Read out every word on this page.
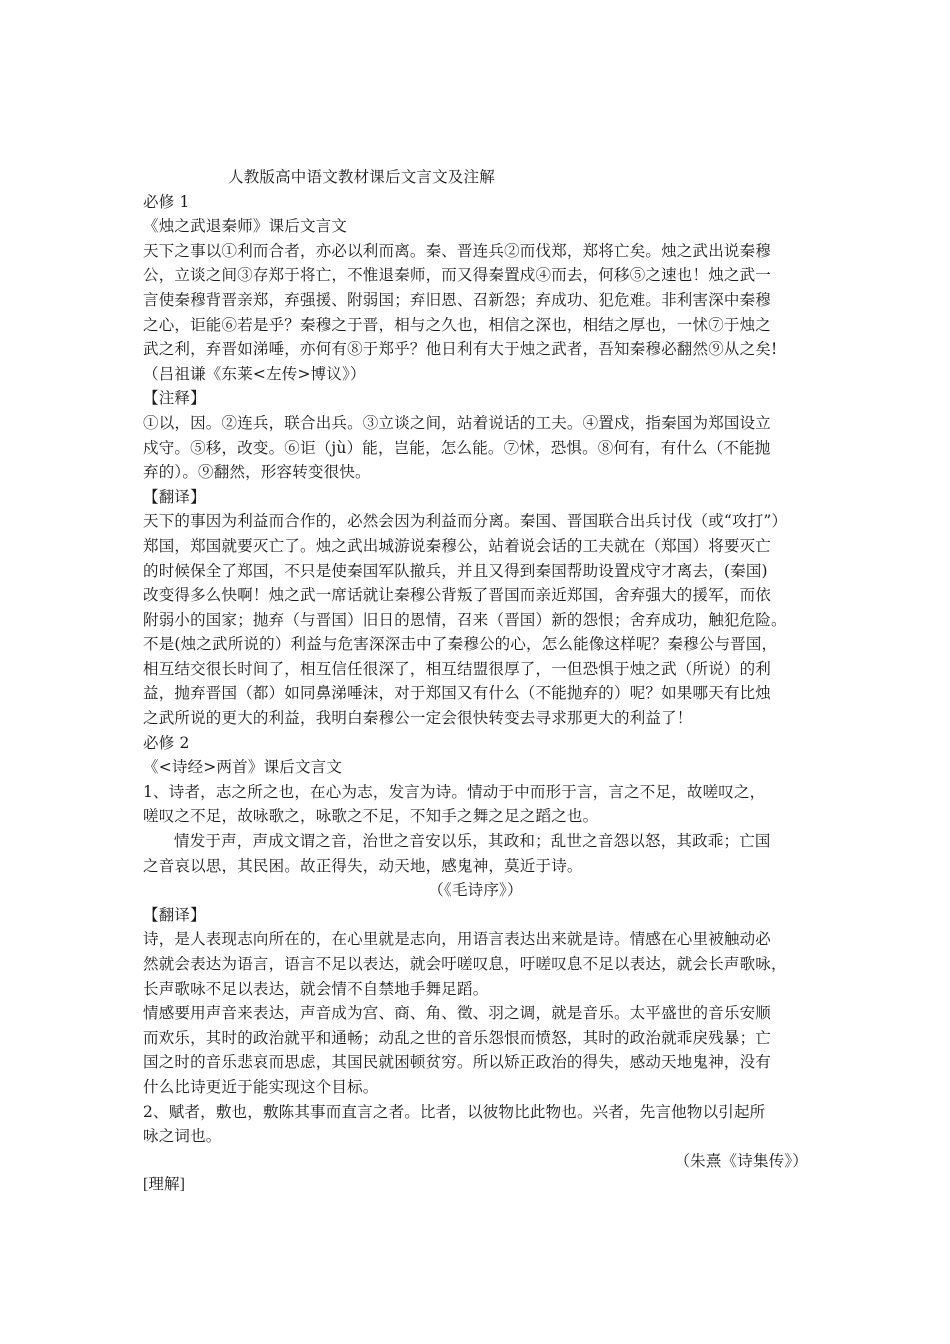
人教版高中语文教材课后文言文及注解
必修 1
《烛之武退秦师》课后文言文
天下之事以①利而合者，亦必以利而离。秦、晋连兵②而伐郑，郑将亡矣。烛之武出说秦穆
公，立谈之间③存郑于将亡，不惟退秦师，而又得秦置戍④而去，何移⑤之速也！烛之武一
言使秦穆背晋亲郑，弃强援、附弱国；弃旧恩、召新怨；弃成功、犯危难。非利害深中秦穆
之心，讵能⑥若是乎？秦穆之于晋，相与之久也，相信之深也，相结之厚也，一怵⑦于烛之
武之利，弃晋如涕唾，亦何有⑧于郑乎？他日利有大于烛之武者，吾知秦穆必翻然⑨从之矣!
（吕祖谦《东莱<左传>博议》）
【注释】
①以，因。②连兵，联合出兵。③立谈之间，站着说话的工夫。④置戍，指秦国为郑国设立
戍守。⑤移，改变。⑥讵（jù）能，岂能，怎么能。⑦怵，恐惧。⑧何有，有什么（不能抛
弃的）。⑨翻然，形容转变很快。
【翻译】
天下的事因为利益而合作的，必然会因为利益而分离。秦国、晋国联合出兵讨伐（或“攻打”）
郑国，郑国就要灭亡了。烛之武出城游说秦穆公，站着说会话的工夫就在（郑国）将要灭亡
的时候保全了郑国，不只是使秦国军队撤兵，并且又得到秦国帮助设置戍守才离去，(秦国)
改变得多么快啊！烛之武一席话就让秦穆公背叛了晋国而亲近郑国，舍弃强大的援军，而依
附弱小的国家；抛弃（与晋国）旧日的恩情，召来（晋国）新的怨恨；舍弃成功，触犯危险。
不是(烛之武所说的）利益与危害深深击中了秦穆公的心，怎么能像这样呢？秦穆公与晋国，
相互结交很长时间了，相互信任很深了，相互结盟很厚了，一但恐惧于烛之武（所说）的利
益，抛弃晋国（都）如同鼻涕唾沫，对于郑国又有什么（不能抛弃的）呢？如果哪天有比烛
之武所说的更大的利益，我明白秦穆公一定会很快转变去寻求那更大的利益了！
必修 2
《<诗经>两首》课后文言文
1、诗者，志之所之也，在心为志，发言为诗。情动于中而形于言，言之不足，故嗟叹之，
嗟叹之不足，故咏歌之，咏歌之不足，不知手之舞之足之蹈之也。
情发于声，声成文谓之音，治世之音安以乐，其政和；乱世之音怨以怒，其政乖；亡国
之音哀以思，其民困。故正得失，动天地，感鬼神，莫近于诗。
（《毛诗序》）
【翻译】
诗，是人表现志向所在的，在心里就是志向，用语言表达出来就是诗。情感在心里被触动必
然就会表达为语言，语言不足以表达，就会吁嗟叹息，吁嗟叹息不足以表达，就会长声歌咏，
长声歌咏不足以表达，就会情不自禁地手舞足蹈。
情感要用声音来表达，声音成为宫、商、角、徵、羽之调，就是音乐。太平盛世的音乐安顺
而欢乐，其时的政治就平和通畅；动乱之世的音乐怨恨而愤怒，其时的政治就乖戾残暴；亡
国之时的音乐悲哀而思虑，其国民就困顿贫穷。所以矫正政治的得失，感动天地鬼神，没有
什么比诗更近于能实现这个目标。
2、赋者，敷也，敷陈其事而直言之者。比者，以彼物比此物也。兴者，先言他物以引起所
咏之词也。
（朱熹《诗集传》）
[理解]
